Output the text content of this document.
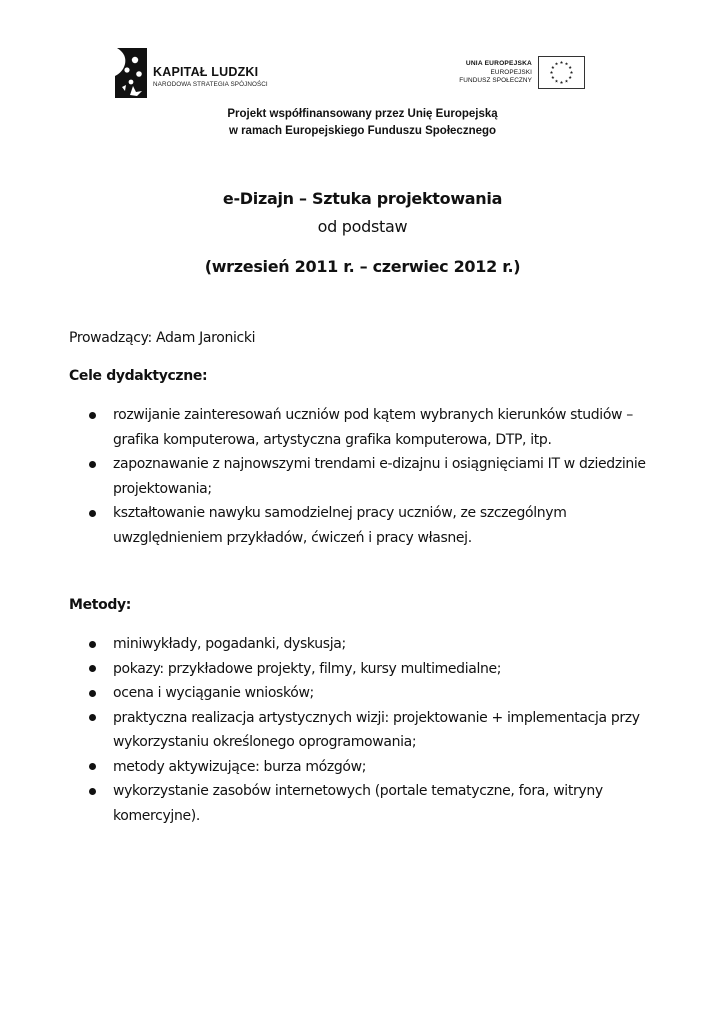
KAPITAŁ LUDZKI
NARODOWA STRATEGIA SPÓJNOŚCI
UNIA EUROPEJSKA
EUROPEJSKI
FUNDUSZ SPOŁECZNY
Projekt współfinansowany przez Unię Europejską
w ramach Europejskiego Funduszu Społecznego
e-Dizajn – Sztuka projektowania
od podstaw
(wrzesień 2011 r. – czerwiec 2012 r.)
Prowadzący: Adam Jaronicki
Cele dydaktyczne:
rozwijanie zainteresowań uczniów pod kątem wybranych kierunków studiów – grafika komputerowa, artystyczna grafika komputerowa, DTP, itp.
zapoznawanie z najnowszymi trendami e-dizajnu i osiągnięciami IT w dziedzinie projektowania;
kształtowanie nawyku samodzielnej pracy uczniów, ze szczególnym uwzględnieniem przykładów, ćwiczeń i pracy własnej.
Metody:
miniwykłady, pogadanki, dyskusja;
pokazy: przykładowe projekty, filmy, kursy multimedialne;
ocena i wyciąganie wniosków;
praktyczna realizacja artystycznych wizji: projektowanie + implementacja przy wykorzystaniu określonego oprogramowania;
metody aktywizujące: burza mózgów;
wykorzystanie zasobów internetowych (portale tematyczne, fora, witryny komercyjne).
